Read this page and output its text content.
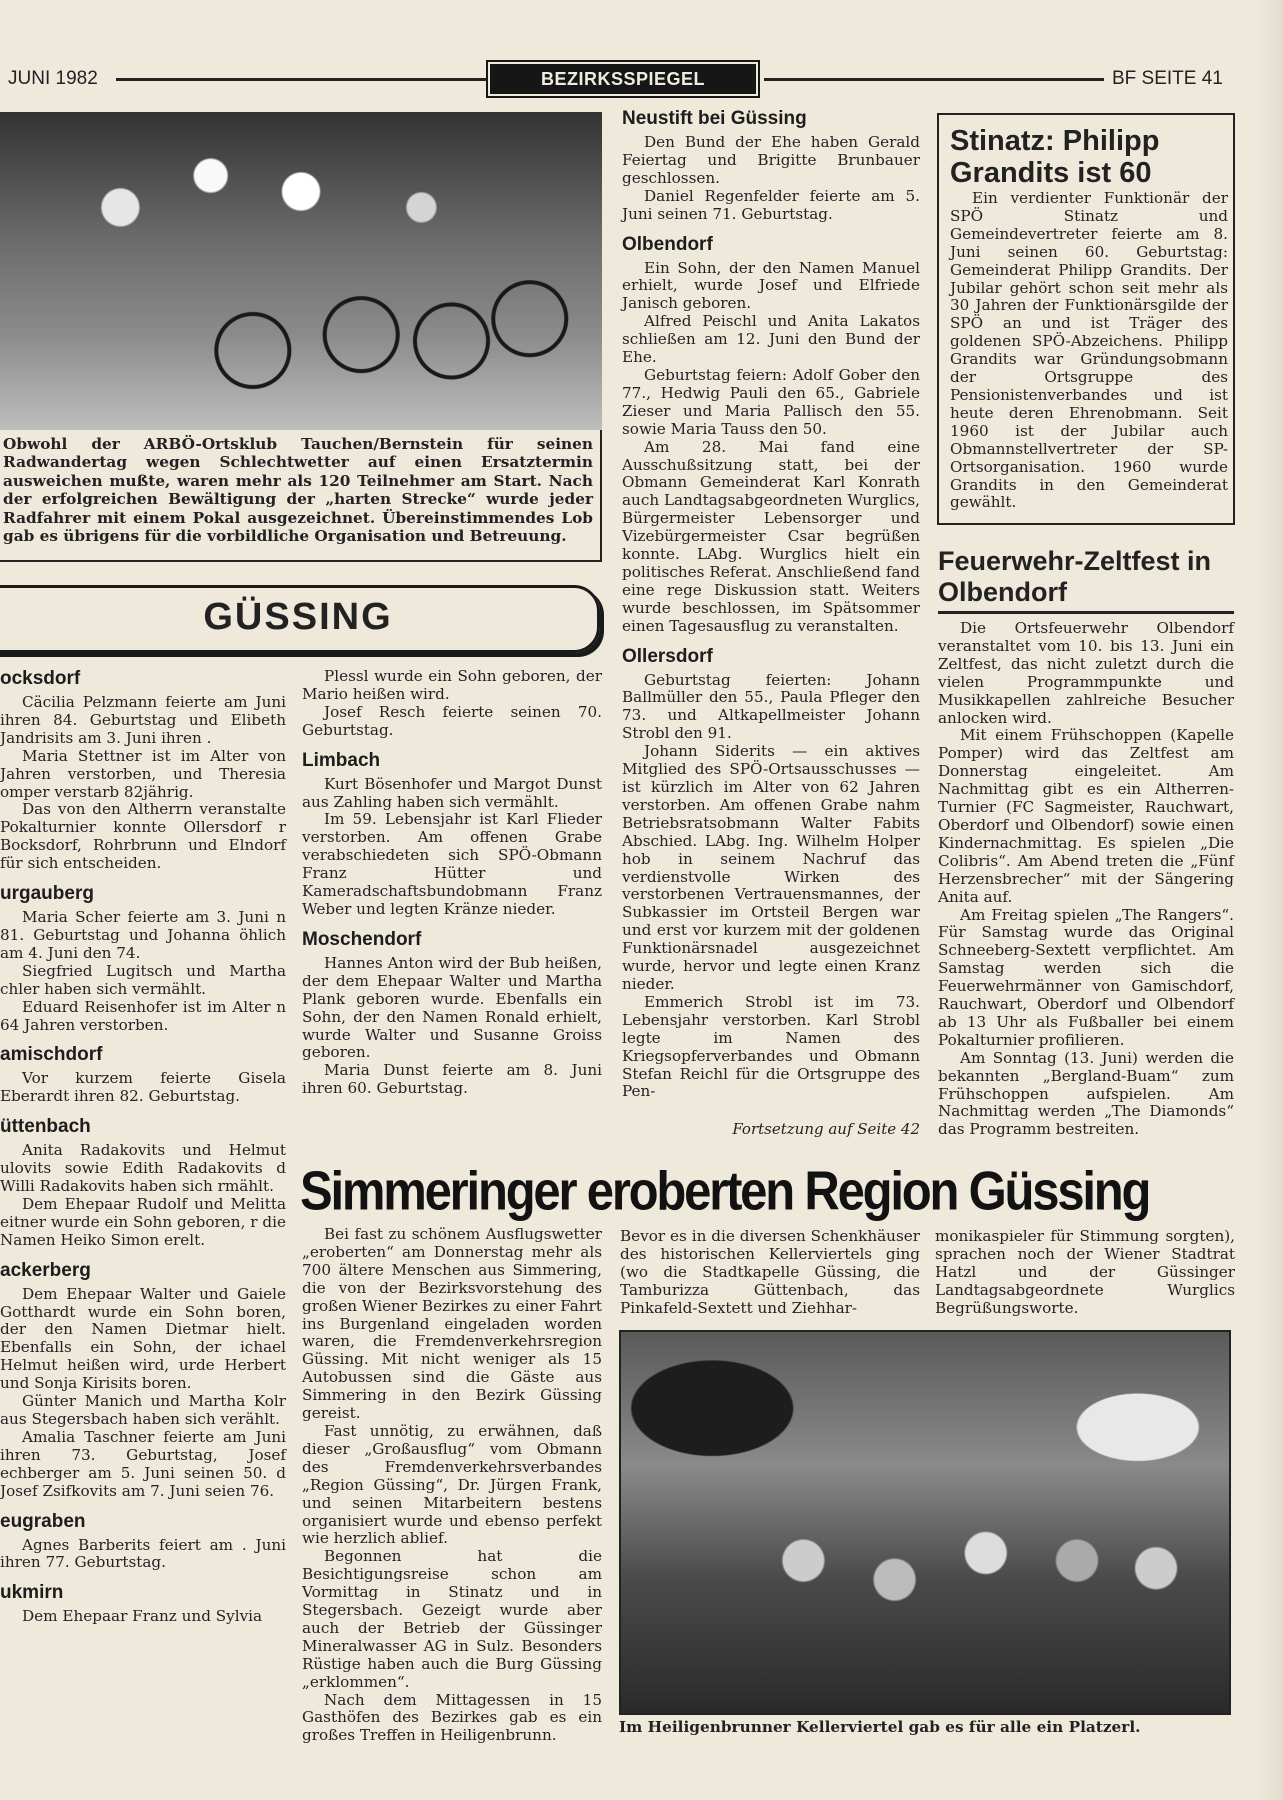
JUNI 1982	BEZIRKSSPIEGEL	BF SEITE 41

Obwohl der ARBÖ-Ortsklub Tauchen/Bernstein für seinen Radwandertag wegen Schlechtwetter auf einen Ersatztermin ausweichen mußte, waren mehr als 120 Teilnehmer am Start. Nach der erfolgreichen Bewältigung der „harten Strecke“ wurde jeder Radfahrer mit einem Pokal ausgezeichnet. Übereinstimmendes Lob gab es übrigens für die vorbildliche Organisation und Betreuung.

GÜSSING
ocksdorf

Cäcilia Pelzmann feierte am Juni ihren 84. Geburtstag und Elibeth Jandrisits am 3. Juni ihren .

Maria Stettner ist im Alter von Jahren verstorben, und Theresia omper verstarb 82jährig.

Das von den Altherrn veranstalte Pokalturnier konnte Ollersdorf r Bocksdorf, Rohrbrunn und Elndorf für sich entscheiden.

urgauberg

Maria Scher feierte am 3. Juni n 81. Geburtstag und Johanna öhlich am 4. Juni den 74.

Siegfried Lugitsch und Martha chler haben sich vermählt.

Eduard Reisenhofer ist im Alter n 64 Jahren verstorben.

amischdorf

Vor kurzem feierte Gisela Eberardt ihren 82. Geburtstag.

üttenbach

Anita Radakovits und Helmut ulovits sowie Edith Radakovits d Willi Radakovits haben sich rmählt.

Dem Ehepaar Rudolf und Melitta eitner wurde ein Sohn geboren, r die Namen Heiko Simon erelt.

ackerberg

Dem Ehepaar Walter und Gaiele Gotthardt wurde ein Sohn boren, der den Namen Dietmar hielt. Ebenfalls ein Sohn, der ichael Helmut heißen wird, urde Herbert und Sonja Kirisits boren.

Günter Manich und Martha Kolr aus Stegersbach haben sich verählt.

Amalia Taschner feierte am Juni ihren 73. Geburtstag, Josef echberger am 5. Juni seinen 50. d Josef Zsifkovits am 7. Juni seien 76.

eugraben

Agnes Barberits feiert am . Juni ihren 77. Geburtstag.

ukmirn

Dem Ehepaar Franz und Sylvia

Plessl wurde ein Sohn geboren, der Mario heißen wird.

Josef Resch feierte seinen 70. Geburtstag.

Limbach

Kurt Bösenhofer und Margot Dunst aus Zahling haben sich vermählt.

Im 59. Lebensjahr ist Karl Flieder verstorben. Am offenen Grabe verabschiedeten sich SPÖ-Obmann Franz Hütter und Kameradschaftsbundobmann Franz Weber und legten Kränze nieder.

Moschendorf

Hannes Anton wird der Bub heißen, der dem Ehepaar Walter und Martha Plank geboren wurde. Ebenfalls ein Sohn, der den Namen Ronald erhielt, wurde Walter und Susanne Groiss geboren.

Maria Dunst feierte am 8. Juni ihren 60. Geburtstag.

Neustift bei Güssing

Den Bund der Ehe haben Gerald Feiertag und Brigitte Brunbauer geschlossen.

Daniel Regenfelder feierte am 5. Juni seinen 71. Geburtstag.

Olbendorf

Ein Sohn, der den Namen Manuel erhielt, wurde Josef und Elfriede Janisch geboren.

Alfred Peischl und Anita Lakatos schließen am 12. Juni den Bund der Ehe.

Geburtstag feiern: Adolf Gober den 77., Hedwig Pauli den 65., Gabriele Zieser und Maria Pallisch den 55. sowie Maria Tauss den 50.

Am 28. Mai fand eine Ausschußsitzung statt, bei der Obmann Gemeinderat Karl Konrath auch Landtagsabgeordneten Wurglics, Bürgermeister Lebensorger und Vizebürgermeister Csar begrüßen konnte. LAbg. Wurglics hielt ein politisches Referat. Anschließend fand eine rege Diskussion statt. Weiters wurde beschlossen, im Spätsommer einen Tagesausflug zu veranstalten.

Ollersdorf

Geburtstag feierten: Johann Ballmüller den 55., Paula Pfleger den 73. und Altkapellmeister Johann Strobl den 91.

Johann Siderits — ein aktives Mitglied des SPÖ-Ortsausschusses — ist kürzlich im Alter von 62 Jahren verstorben. Am offenen Grabe nahm Betriebsratsobmann Walter Fabits Abschied. LAbg. Ing. Wilhelm Holper hob in seinem Nachruf das verdienstvolle Wirken des verstorbenen Vertrauensmannes, der Subkassier im Ortsteil Bergen war und erst vor kurzem mit der goldenen Funktionärsnadel ausgezeichnet wurde, hervor und legte einen Kranz nieder.

Emmerich Strobl ist im 73. Lebensjahr verstorben. Karl Strobl legte im Namen des Kriegsopferverbandes und Obmann Stefan Reichl für die Ortsgruppe des Pen-

Fortsetzung auf Seite 42

Stinatz: Philipp Grandits ist 60

Ein verdienter Funktionär der SPÖ Stinatz und Gemeindevertreter feierte am 8. Juni seinen 60. Geburtstag: Gemeinderat Philipp Grandits. Der Jubilar gehört schon seit mehr als 30 Jahren der Funktionärsgilde der SPÖ an und ist Träger des goldenen SPÖ-Abzeichens. Philipp Grandits war Gründungsobmann der Ortsgruppe des Pensionistenverbandes und ist heute deren Ehrenobmann. Seit 1960 ist der Jubilar auch Obmannstellvertreter der SP-Ortsorganisation. 1960 wurde Grandits in den Gemeinderat gewählt.

Feuerwehr-Zeltfest in Olbendorf

Die Ortsfeuerwehr Olbendorf veranstaltet vom 10. bis 13. Juni ein Zeltfest, das nicht zuletzt durch die vielen Programmpunkte und Musikkapellen zahlreiche Besucher anlocken wird.

Mit einem Frühschoppen (Kapelle Pomper) wird das Zeltfest am Donnerstag eingeleitet. Am Nachmittag gibt es ein Altherren-Turnier (FC Sagmeister, Rauchwart, Oberdorf und Olbendorf) sowie einen Kindernachmittag. Es spielen „Die Colibris“. Am Abend treten die „Fünf Herzensbrecher“ mit der Sängering Anita auf.

Am Freitag spielen „The Rangers“. Für Samstag wurde das Original Schneeberg-Sextett verpflichtet. Am Samstag werden sich die Feuerwehrmänner von Gamischdorf, Rauchwart, Oberdorf und Olbendorf ab 13 Uhr als Fußballer bei einem Pokalturnier profilieren.

Am Sonntag (13. Juni) werden die bekannten „Bergland-Buam“ zum Frühschoppen aufspielen. Am Nachmittag werden „The Diamonds“ das Programm bestreiten.

Simmeringer eroberten Region Güssing

Bei fast zu schönem Ausflugswetter „eroberten“ am Donnerstag mehr als 700 ältere Menschen aus Simmering, die von der Bezirksvorstehung des großen Wiener Bezirkes zu einer Fahrt ins Burgenland eingeladen worden waren, die Fremdenverkehrsregion Güssing. Mit nicht weniger als 15 Autobussen sind die Gäste aus Simmering in den Bezirk Güssing gereist.

Fast unnötig, zu erwähnen, daß dieser „Großausflug“ vom Obmann des Fremdenverkehrsverbandes „Region Güssing“, Dr. Jürgen Frank, und seinen Mitarbeitern bestens organisiert wurde und ebenso perfekt wie herzlich ablief.

Begonnen hat die Besichtigungsreise schon am Vormittag in Stinatz und in Stegersbach. Gezeigt wurde aber auch der Betrieb der Güssinger Mineralwasser AG in Sulz. Besonders Rüstige haben auch die Burg Güssing „erklommen“.

Nach dem Mittagessen in 15 Gasthöfen des Bezirkes gab es ein großes Treffen in Heiligenbrunn.

Bevor es in die diversen Schenkhäuser des historischen Kellerviertels ging (wo die Stadtkapelle Güssing, die Tamburizza Güttenbach, das Pinkafeld-Sextett und Ziehhar-

monikaspieler für Stimmung sorgten), sprachen noch der Wiener Stadtrat Hatzl und der Güssinger Landtagsabgeordnete Wurglics Begrüßungsworte.

Im Heiligenbrunner Kellerviertel gab es für alle ein Platzerl.
